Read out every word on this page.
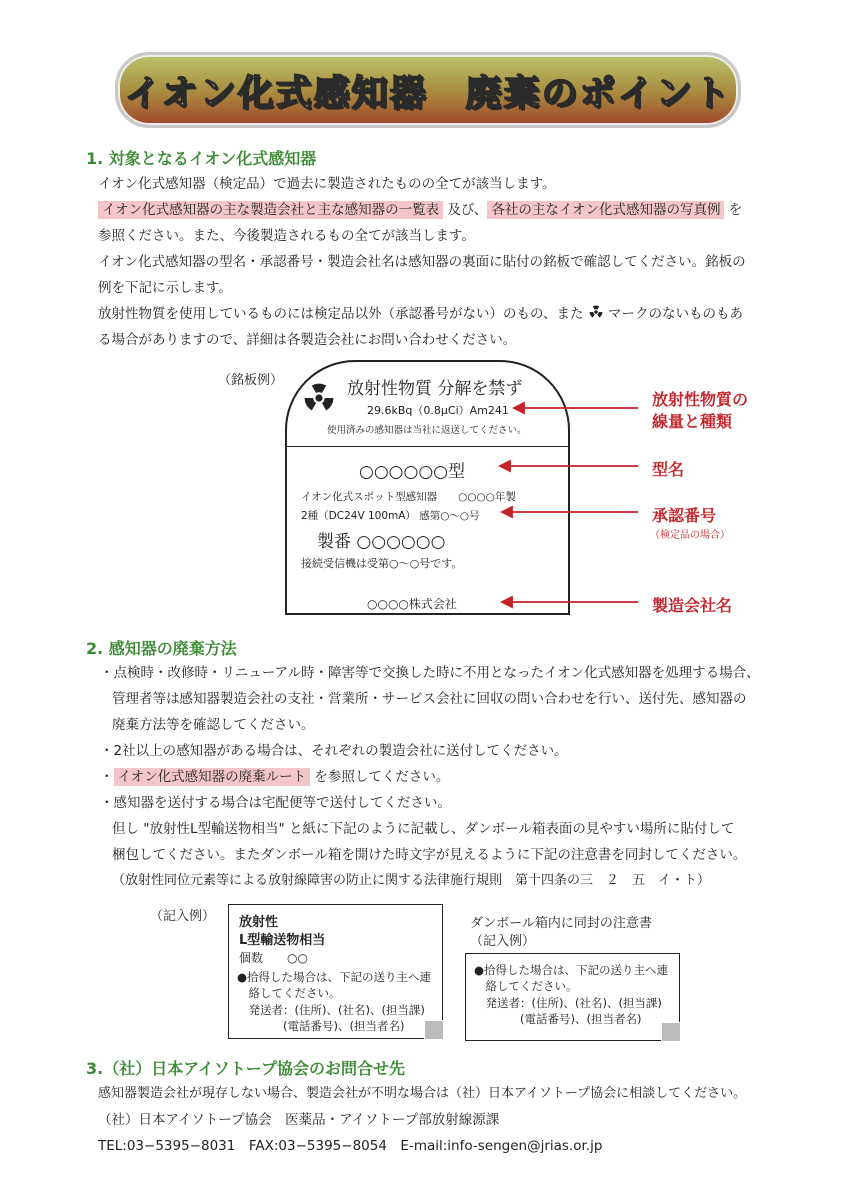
イオン化式感知器　廃棄のポイント
1. 対象となるイオン化式感知器
イオン化式感知器（検定品）で過去に製造されたものの全てが該当します。
イオン化式感知器の主な製造会社と主な感知器の一覧表 及び、 各社の主なイオン化式感知器の写真例 を
参照ください。また、今後製造されるもの全てが該当します。
イオン化式感知器の型名・承認番号・製造会社名は感知器の裏面に貼付の銘板で確認してください。銘板の
例を下記に示します。
放射性物質を使用しているものには検定品以外（承認番号がない）のもの、また  マークのないものもあ
る場合がありますので、詳細は各製造会社にお問い合わせください。
（銘板例）	放射性物質 分解を禁ず
29.6kBq（0.8μCi）Am241
使用済みの感知器は当社に返送してください。
○○○○○○型
イオン化式スポット型感知器　　○○○○年製
2種（DC24V 100mA） 感第○～○号
製番 ○○○○○○
接続受信機は受第○～○号です。
○○○○株式会社
放射性物質の
線量と種類
型名
承認番号
（検定品の場合）
製造会社名
2. 感知器の廃棄方法
・点検時・改修時・リニューアル時・障害等で交換した時に不用となったイオン化式感知器を処理する場合、
管理者等は感知器製造会社の支社・営業所・サービス会社に回収の問い合わせを行い、送付先、感知器の
廃棄方法等を確認してください。
・2社以上の感知器がある場合は、それぞれの製造会社に送付してください。
・ イオン化式感知器の廃棄ルート を参照してください。
・感知器を送付する場合は宅配便等で送付してください。
但し "放射性L型輸送物相当" と紙に下記のように記載し、ダンボール箱表面の見やすい場所に貼付して
梱包してください。またダンボール箱を開けた時文字が見えるように下記の注意書を同封してください。
（放射性同位元素等による放射線障害の防止に関する法律施行規則　第十四条の三　２　五　イ・ト）
（記入例） 放射性
L型輸送物相当
個数　　○○
●拾得した場合は、下記の送り主へ連
　絡してください。
　発送者：(住所)、(社名)、(担当課)
　　　　(電話番号)、(担当者名)
ダンボール箱内に同封の注意書
（記入例）
●拾得した場合は、下記の送り主へ連
　絡してください。
　発送者：(住所)、(社名)、(担当課)
　　　　(電話番号)、(担当者名)
3.（社）日本アイソトープ協会のお問合せ先
感知器製造会社が現存しない場合、製造会社が不明な場合は（社）日本アイソトープ協会に相談してください。
（社）日本アイソトープ協会　医薬品・アイソトープ部放射線源課
TEL:03−5395−8031　FAX:03−5395−8054　E-mail:info-sengen@jrias.or.jp
